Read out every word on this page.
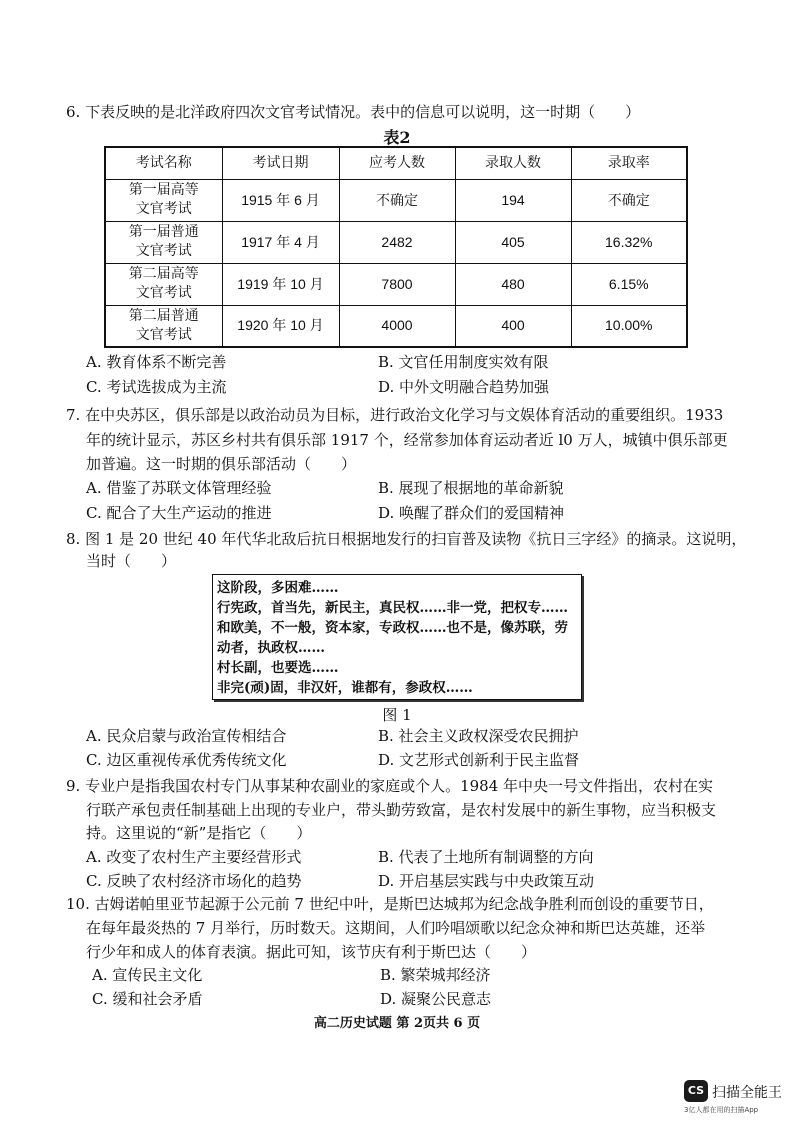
6. 下表反映的是北洋政府四次文官考试情况。表中的信息可以说明，这一时期（　　）
表2
考试名称	考试日期	应考人数	录取人数	录取率

第一届高等
文官考试	1915 年 6 月	不确定	194	不确定

第一届普通
文官考试	1917 年 4 月	2482	405	16.32%

第二届高等
文官考试	1919 年 10 月	7800	480	6.15%

第二届普通
文官考试	1920 年 10 月	4000	400	10.00%
A. 教育体系不断完善	B. 文官任用制度实效有限
C. 考试选拔成为主流	D. 中外文明融合趋势加强
7. 在中央苏区，俱乐部是以政治动员为目标，进行政治文化学习与文娱体育活动的重要组织。1933
年的统计显示，苏区乡村共有俱乐部 1917 个，经常参加体育运动者近 l0 万人，城镇中俱乐部更
加普遍。这一时期的俱乐部活动（　　）
A. 借鉴了苏联文体管理经验	B. 展现了根据地的革命新貌
C. 配合了大生产运动的推进	D. 唤醒了群众们的爱国精神
8. 图 1 是 20 世纪 40 年代华北敌后抗日根据地发行的扫盲普及读物《抗日三字经》的摘录。这说明，
当时（　　）
这阶段，多困难……
行宪政，首当先，新民主，真民权……非一党，把权专……
和欧美，不一般，资本家，专政权……也不是，像苏联，劳
动者，执政权……
村长副，也要选……
非完(顽)固，非汉奸，谁都有，参政权……
图 1
A. 民众启蒙与政治宣传相结合	B. 社会主义政权深受农民拥护
C. 边区重视传承优秀传统文化	D. 文艺形式创新利于民主监督
9. 专业户是指我国农村专门从事某种农副业的家庭或个人。1984 年中央一号文件指出，农村在实
行联产承包责任制基础上出现的专业户，带头勤劳致富，是农村发展中的新生事物，应当积极支
持。这里说的“新”是指它（　　）
A. 改变了农村生产主要经营形式	B. 代表了土地所有制调整的方向
C. 反映了农村经济市场化的趋势	D. 开启基层实践与中央政策互动
10. 古姆诺帕里亚节起源于公元前 7 世纪中叶，是斯巴达城邦为纪念战争胜利而创设的重要节日，
在每年最炎热的 7 月举行，历时数天。这期间，人们吟唱颂歌以纪念众神和斯巴达英雄，还举
行少年和成人的体育表演。据此可知，该节庆有利于斯巴达（　　）
A. 宣传民主文化	B. 繁荣城邦经济
C. 缓和社会矛盾	D. 凝聚公民意志
高二历史试题 第 2页共 6 页
CS 扫描全能王
3亿人都在用的扫描App
